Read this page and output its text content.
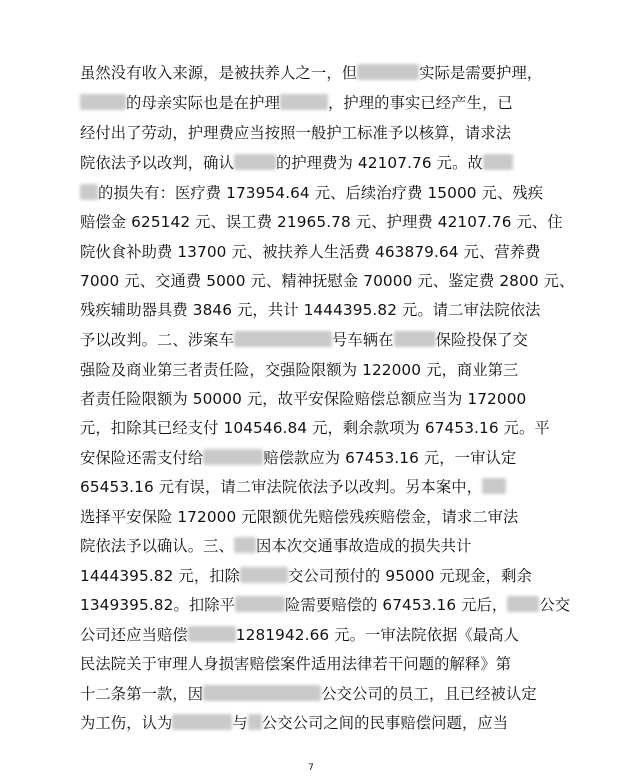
虽然没有收入来源，是被扶养人之一，但	实际是需要护理，
的母亲实际也是在护理	，护理的事实已经产生，已
经付出了劳动，护理费应当按照一般护工标准予以核算，请求法
院依法予以改判，确认	的护理费为 42107.76 元。故
的损失有：医疗费 173954.64 元、后续治疗费 15000 元、残疾
赔偿金 625142 元、误工费 21965.78 元、护理费 42107.76 元、住
院伙食补助费 13700 元、被扶养人生活费 463879.64 元、营养费
7000 元、交通费 5000 元、精神抚慰金 70000 元、鉴定费 2800 元、
残疾辅助器具费 3846 元，共计 1444395.82 元。请二审法院依法
予以改判。二、涉案车	号车辆在	保险投保了交
强险及商业第三者责任险，交强险限额为 122000 元，商业第三
者责任险限额为 50000 元，故平安保险赔偿总额应当为 172000
元，扣除其已经支付 104546.84 元，剩余款项为 67453.16 元。平
安保险还需支付给	赔偿款应为 67453.16 元，一审认定
65453.16 元有误，请二审法院依法予以改判。另本案中，
选择平安保险 172000 元限额优先赔偿残疾赔偿金，请求二审法
院依法予以确认。三、 因本次交通事故造成的损失共计
1444395.82 元，扣除	交公司预付的 95000 元现金，剩余
1349395.82。扣除平	险需要赔偿的 67453.16 元后， 公交
公司还应当赔偿	1281942.66 元。一审法院依据《最高人
民法院关于审理人身损害赔偿案件适用法律若干问题的解释》第
十二条第一款，因	公交公司的员工，且已经被认定
为工伤，认为	与 公交公司之间的民事赔偿问题，应当
7
